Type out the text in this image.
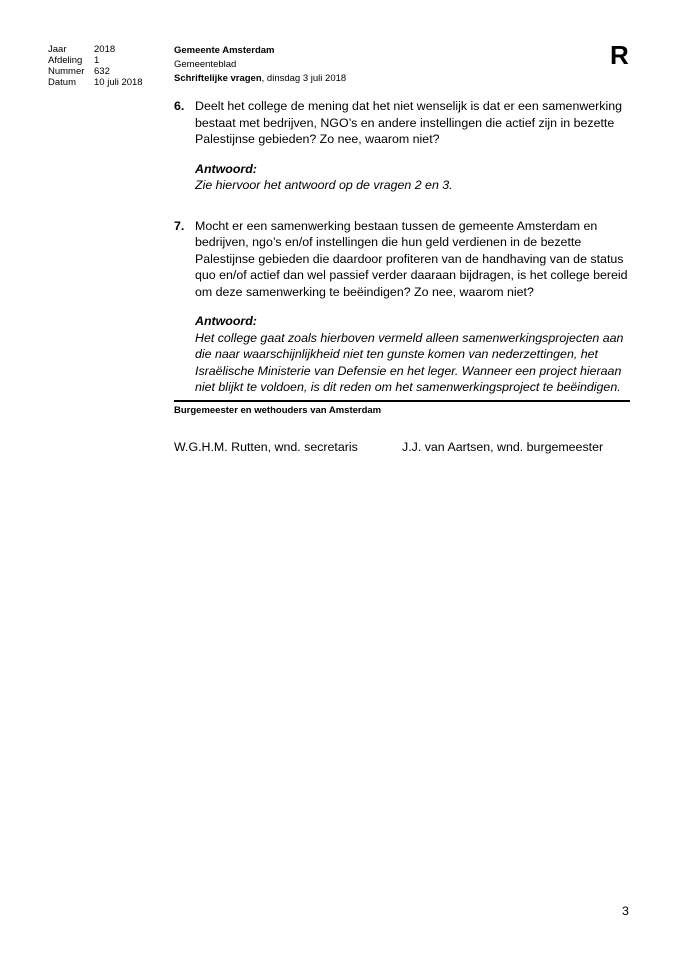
Jaar	2018
Afdeling	1
Nummer	632
Datum	10 juli 2018
Gemeente Amsterdam
Gemeenteblad
Schriftelijke vragen, dinsdag 3 juli 2018
R
6. Deelt het college de mening dat het niet wenselijk is dat er een samenwerking bestaat met bedrijven, NGO’s en andere instellingen die actief zijn in bezette Palestijnse gebieden? Zo nee, waarom niet?
Antwoord:
Zie hiervoor het antwoord op de vragen 2 en 3.
7. Mocht er een samenwerking bestaan tussen de gemeente Amsterdam en bedrijven, ngo’s en/of instellingen die hun geld verdienen in de bezette Palestijnse gebieden die daardoor profiteren van de handhaving van de status quo en/of actief dan wel passief verder daaraan bijdragen, is het college bereid om deze samenwerking te beëindigen? Zo nee, waarom niet?
Antwoord:
Het college gaat zoals hierboven vermeld alleen samenwerkingsprojecten aan die naar waarschijnlijkheid niet ten gunste komen van nederzettingen, het Israëlische Ministerie van Defensie en het leger. Wanneer een project hieraan niet blijkt te voldoen, is dit reden om het samenwerkingsproject te beëindigen.
Burgemeester en wethouders van Amsterdam
W.G.H.M. Rutten, wnd. secretaris	J.J. van Aartsen, wnd. burgemeester
3
